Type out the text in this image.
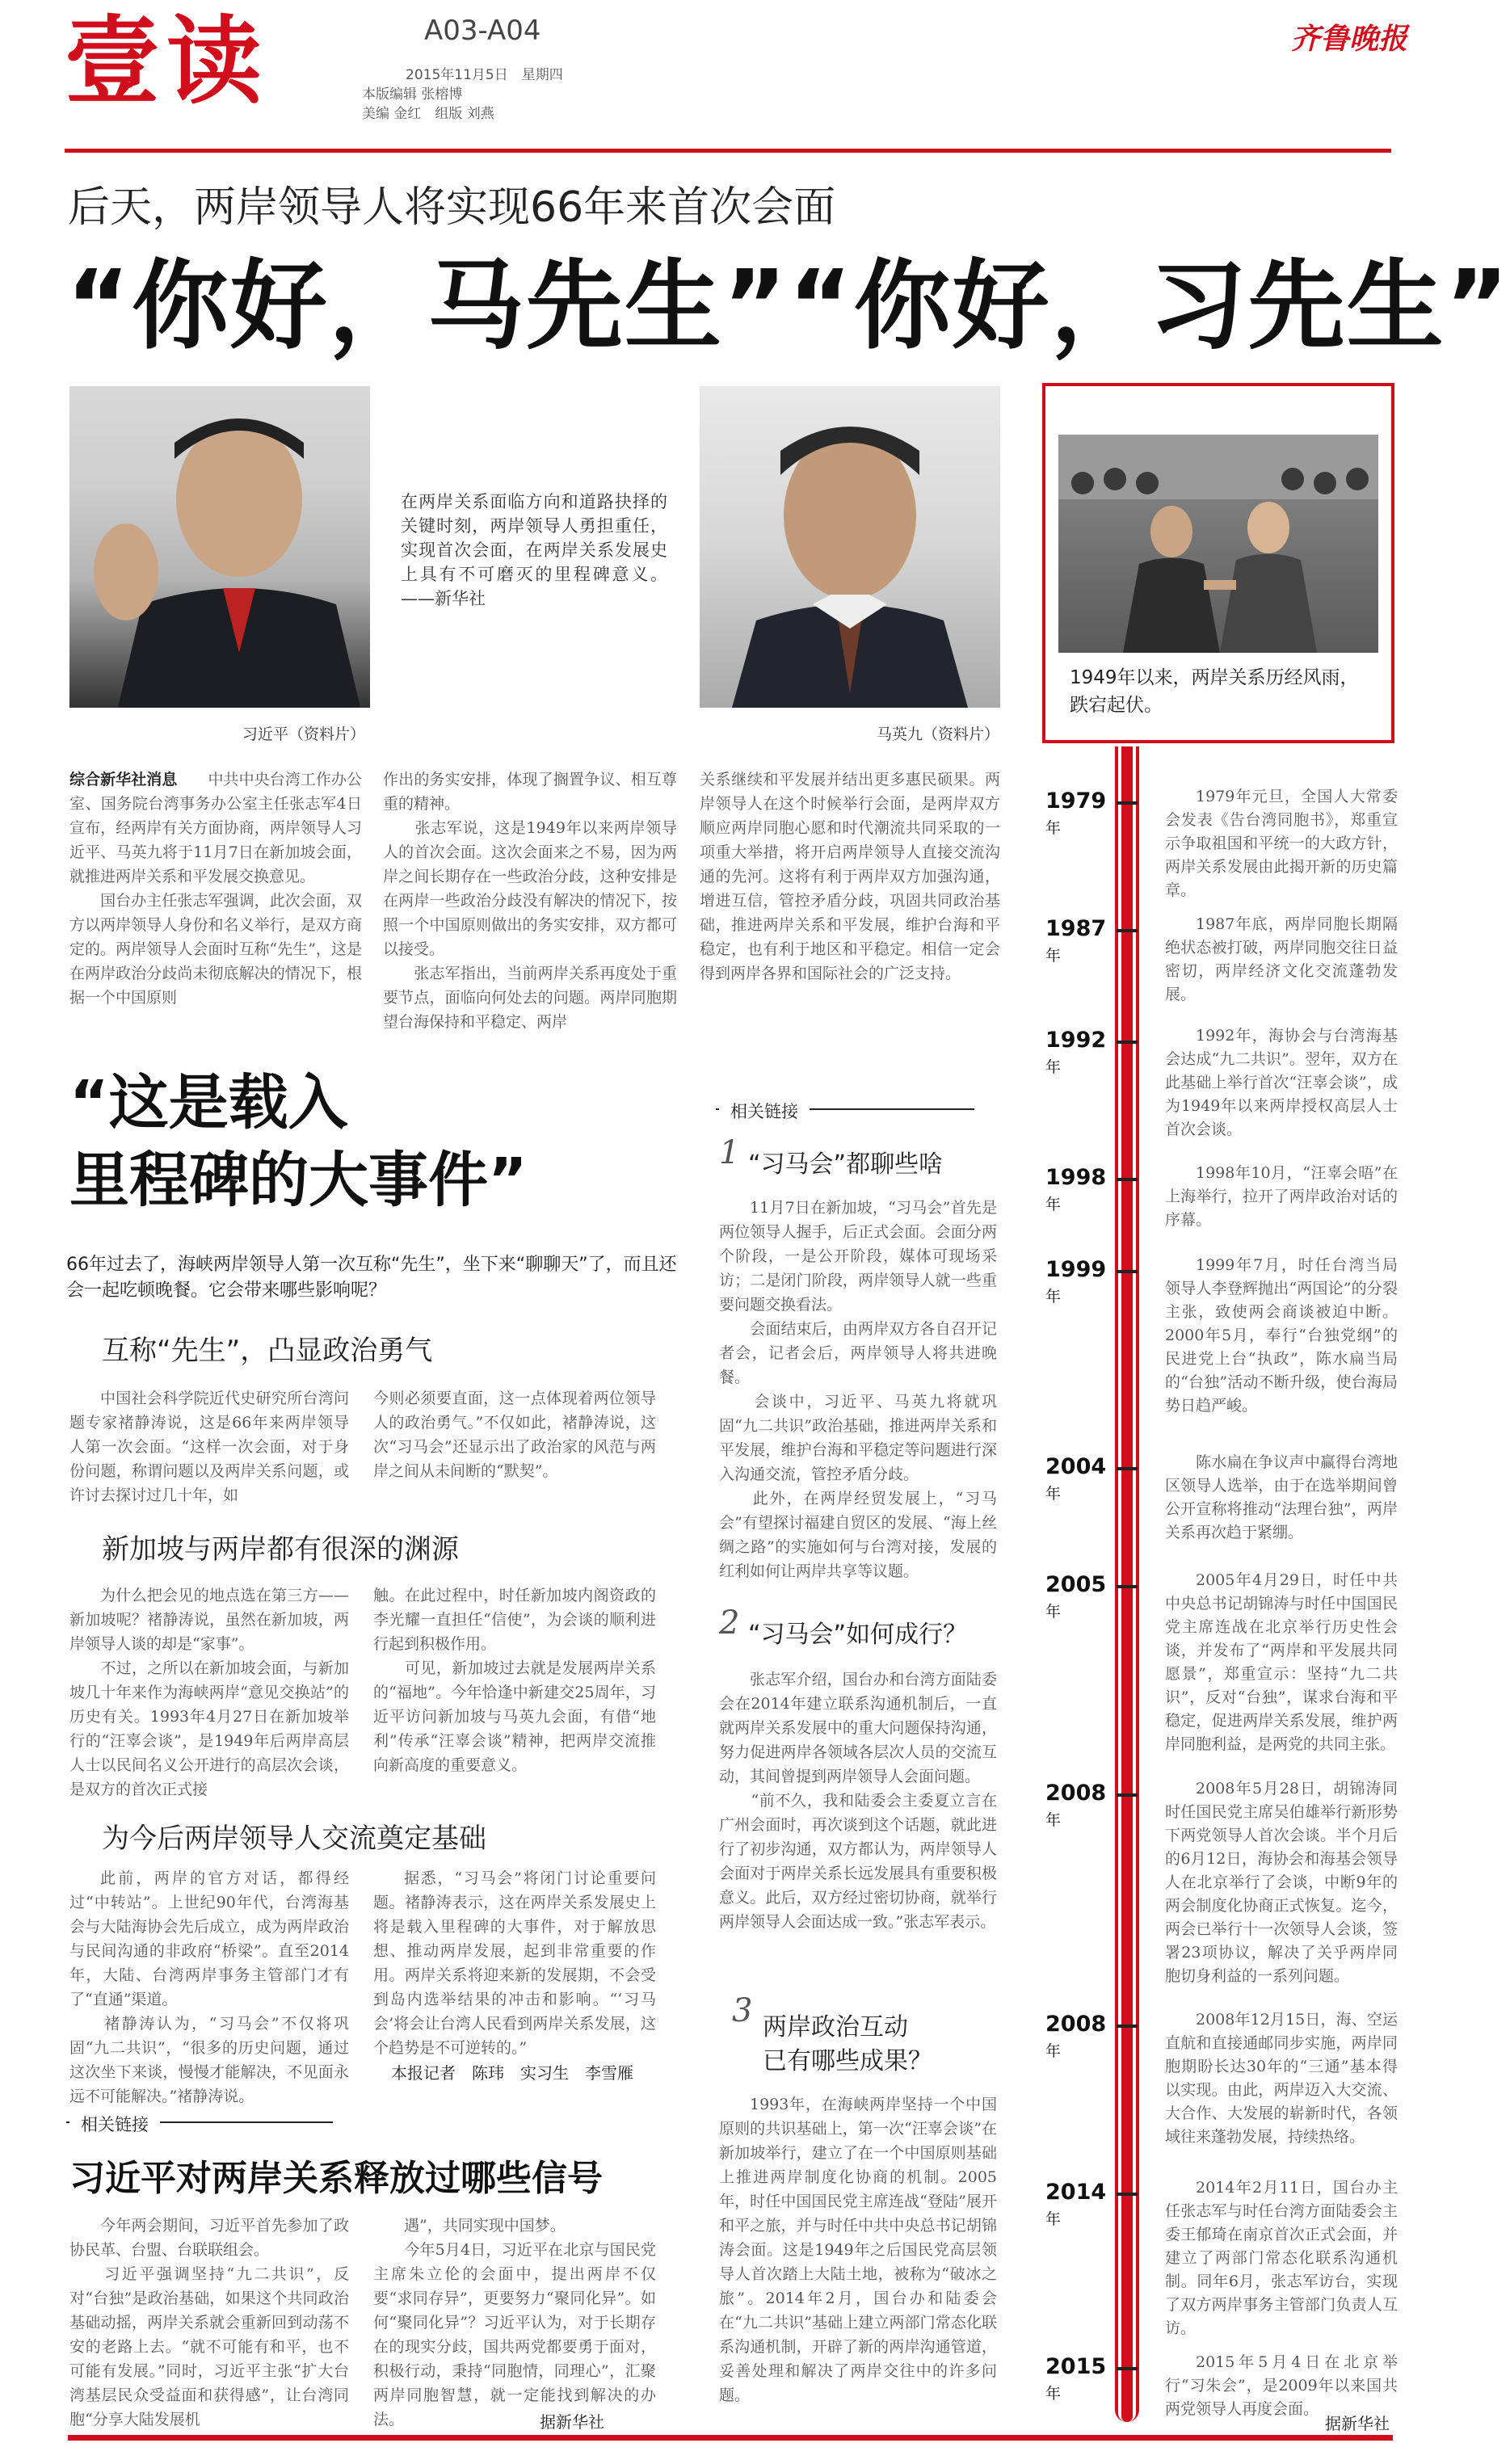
壹读	A03-A04
2015年11月5日　星期四
本版编辑 张榕博
美编 金红　组版 刘燕
齐鲁晚报
后天，两岸领导人将实现66年来首次会面
“你好，马先生”“你好，习先生”
习近平（资料片）
在两岸关系面临方向和道路抉择的关键时刻，两岸领导人勇担重任，实现首次会面，在两岸关系发展史上具有不可磨灭的里程碑意义。——新华社
马英九（资料片）
1949年以来，两岸关系历经风雨，跌宕起伏。
综合新华社消息　　 中共中央台湾工作办公室、国务院台湾事务办公室主任张志军4日宣布，经两岸有关方面协商，两岸领导人习近平、马英九将于11月7日在新加坡会面，就推进两岸关系和平发展交换意见。
　　国台办主任张志军强调，此次会面，双方以两岸领导人身份和名义举行，是双方商定的。两岸领导人会面时互称“先生”，这是在两岸政治分歧尚未彻底解决的情况下，根据一个中国原则
作出的务实安排，体现了搁置争议、相互尊重的精神。
　　张志军说，这是1949年以来两岸领导人的首次会面。这次会面来之不易，因为两岸之间长期存在一些政治分歧，这种安排是在两岸一些政治分歧没有解决的情况下，按照一个中国原则做出的务实安排，双方都可以接受。
　　张志军指出，当前两岸关系再度处于重要节点，面临向何处去的问题。两岸同胞期望台海保持和平稳定、两岸
关系继续和平发展并结出更多惠民硕果。两岸领导人在这个时候举行会面，是两岸双方顺应两岸同胞心愿和时代潮流共同采取的一项重大举措，将开启两岸领导人直接交流沟通的先河。这将有利于两岸双方加强沟通，增进互信，管控矛盾分歧，巩固共同政治基础，推进两岸关系和平发展，维护台海和平稳定，也有利于地区和平稳定。相信一定会得到两岸各界和国际社会的广泛支持。
“这是载入
里程碑的大事件”
66年过去了，海峡两岸领导人第一次互称“先生”，坐下来“聊聊天”了，而且还会一起吃顿晚餐。它会带来哪些影响呢？
互称“先生”，凸显政治勇气
中国社会科学院近代史研究所台湾问题专家褚静涛说，这是66年来两岸领导人第一次会面。“这样一次会面，对于身份问题，称谓问题以及两岸关系问题，或许讨去探讨过几十年，如
今则必须要直面，这一点体现着两位领导人的政治勇气。”不仅如此，褚静涛说，这次“习马会”还显示出了政治家的风范与两岸之间从未间断的“默契”。
新加坡与两岸都有很深的渊源
为什么把会见的地点选在第三方——新加坡呢？褚静涛说，虽然在新加坡，两岸领导人谈的却是“家事”。
　　不过，之所以在新加坡会面，与新加坡几十年来作为海峡两岸“意见交换站”的历史有关。1993年4月27日在新加坡举行的“汪辜会谈”，是1949年后两岸高层人士以民间名义公开进行的高层次会谈，是双方的首次正式接
触。在此过程中，时任新加坡内阁资政的李光耀一直担任“信使”，为会谈的顺利进行起到积极作用。
　　可见，新加坡过去就是发展两岸关系的“福地”。今年恰逢中新建交25周年，习近平访问新加坡与马英九会面，有借“地利”传承“汪辜会谈”精神，把两岸交流推向新高度的重要意义。
为今后两岸领导人交流奠定基础
此前，两岸的官方对话，都得经过“中转站”。上世纪90年代，台湾海基会与大陆海协会先后成立，成为两岸政治与民间沟通的非政府“桥梁”。直至2014年，大陆、台湾两岸事务主管部门才有了“直通”渠道。
　　褚静涛认为，“习马会”不仅将巩固“九二共识”，“很多的历史问题，通过这次坐下来谈，慢慢才能解决，不见面永远不可能解决。”褚静涛说。
据悉，“习马会”将闭门讨论重要问题。褚静涛表示，这在两岸关系发展史上将是载入里程碑的大事件，对于解放思想、推动两岸发展，起到非常重要的作用。两岸关系将迎来新的发展期，不会受到岛内选举结果的冲击和影响。“‘习马会’将会让台湾人民看到两岸关系发展，这个趋势是不可逆转的。”
本报记者　陈玮　实习生　李雪雁
相关链接
习近平对两岸关系释放过哪些信号
今年两会期间，习近平首先参加了政协民革、台盟、台联联组会。
　　习近平强调坚持“九二共识”，反对“台独”是政治基础，如果这个共同政治基础动摇，两岸关系就会重新回到动荡不安的老路上去。“就不可能有和平，也不可能有发展。”同时，习近平主张“扩大台湾基层民众受益面和获得感”，让台湾同胞“分享大陆发展机
遇”，共同实现中国梦。
　　今年5月4日，习近平在北京与国民党主席朱立伦的会面中，提出两岸不仅要“求同存异”，更要努力“聚同化异”。如何“聚同化异”？习近平认为，对于长期存在的现实分歧，国共两党都要勇于面对，积极行动，秉持“同胞情，同理心”，汇聚两岸同胞智慧，就一定能找到解决的办法。	据新华社
相关链接
1 “习马会”都聊些啥
11月7日在新加坡，“习马会”首先是两位领导人握手，后正式会面。会面分两个阶段，一是公开阶段，媒体可现场采访；二是闭门阶段，两岸领导人就一些重要问题交换看法。
　　会面结束后，由两岸双方各自召开记者会，记者会后，两岸领导人将共进晚餐。
　　会谈中，习近平、马英九将就巩固“九二共识”政治基础，推进两岸关系和平发展，维护台海和平稳定等问题进行深入沟通交流，管控矛盾分歧。
　　此外，在两岸经贸发展上，“习马会”有望探讨福建自贸区的发展、“海上丝绸之路”的实施如何与台湾对接，发展的红利如何让两岸共享等议题。
2 “习马会”如何成行？
张志军介绍，国台办和台湾方面陆委会在2014年建立联系沟通机制后，一直就两岸关系发展中的重大问题保持沟通，努力促进两岸各领域各层次人员的交流互动，其间曾提到两岸领导人会面问题。
　　“前不久，我和陆委会主委夏立言在广州会面时，再次谈到这个话题，就此进行了初步沟通，双方都认为，两岸领导人会面对于两岸关系长远发展具有重要积极意义。此后，双方经过密切协商，就举行两岸领导人会面达成一致。”张志军表示。
3 两岸政治互动
已有哪些成果？
1993年，在海峡两岸坚持一个中国原则的共识基础上，第一次“汪辜会谈”在新加坡举行，建立了在一个中国原则基础上推进两岸制度化协商的机制。2005年，时任中国国民党主席连战“登陆”展开和平之旅，并与时任中共中央总书记胡锦涛会面。这是1949年之后国民党高层领导人首次踏上大陆土地，被称为“破冰之旅”。2014年2月，国台办和陆委会在“九二共识”基础上建立两部门常态化联系沟通机制，开辟了新的两岸沟通管道，妥善处理和解决了两岸交往中的许多问题。
1979年
1979年元旦，全国人大常委会发表《告台湾同胞书》，郑重宣示争取祖国和平统一的大政方针，两岸关系发展由此揭开新的历史篇章。
1987年
1987年底，两岸同胞长期隔绝状态被打破，两岸同胞交往日益密切，两岸经济文化交流蓬勃发展。
1992年
1992年，海协会与台湾海基会达成“九二共识”。翌年，双方在此基础上举行首次“汪辜会谈”，成为1949年以来两岸授权高层人士首次会谈。
1998年
1998年10月，“汪辜会晤”在上海举行，拉开了两岸政治对话的序幕。
1999年
1999年7月，时任台湾当局领导人李登辉抛出“两国论”的分裂主张，致使两会商谈被迫中断。2000年5月，奉行“台独党纲”的民进党上台“执政”，陈水扁当局的“台独”活动不断升级，使台海局势日趋严峻。
2004年
陈水扁在争议声中赢得台湾地区领导人选举，由于在选举期间曾公开宣称将推动“法理台独”，两岸关系再次趋于紧绷。
2005年
2005年4月29日，时任中共中央总书记胡锦涛与时任中国国民党主席连战在北京举行历史性会谈，并发布了“两岸和平发展共同愿景”，郑重宣示：坚持“九二共识”，反对“台独”，谋求台海和平稳定，促进两岸关系发展，维护两岸同胞利益，是两党的共同主张。
2008年
2008年5月28日，胡锦涛同时任国民党主席吴伯雄举行新形势下两党领导人首次会谈。半个月后的6月12日，海协会和海基会领导人在北京举行了会谈，中断9年的两会制度化协商正式恢复。迄今，两会已举行十一次领导人会谈，签署23项协议，解决了关乎两岸同胞切身利益的一系列问题。
2008年
2008年12月15日，海、空运直航和直接通邮同步实施，两岸同胞期盼长达30年的“三通”基本得以实现。由此，两岸迈入大交流、大合作、大发展的崭新时代，各领域往来蓬勃发展，持续热络。
2014年
2014年2月11日，国台办主任张志军与时任台湾方面陆委会主委王郁琦在南京首次正式会面，并建立了两部门常态化联系沟通机制。同年6月，张志军访台，实现了双方两岸事务主管部门负责人互访。
2015年
2015年5月4日在北京举行“习朱会”，是2009年以来国共两党领导人再度会面。
据新华社
